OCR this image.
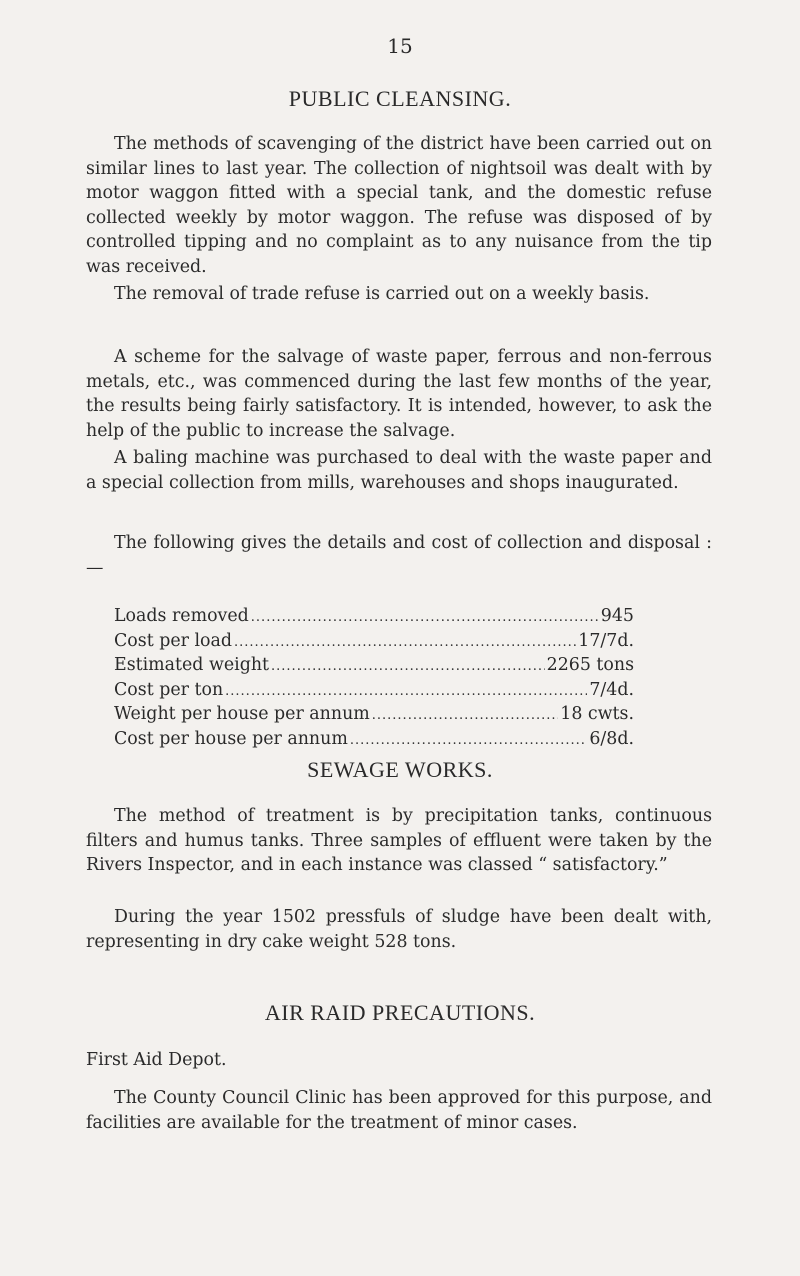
15
PUBLIC CLEANSING.

The methods of scavenging of the district have been carried out on similar lines to last year. The collection of nightsoil was dealt with by motor waggon fitted with a special tank, and the domestic refuse collected weekly by motor waggon. The refuse was disposed of by controlled tipping and no complaint as to any nuisance from the tip was received.

The removal of trade refuse is carried out on a weekly basis.

A scheme for the salvage of waste paper, ferrous and non-ferrous metals, etc., was commenced during the last few months of the year, the results being fairly satisfactory. It is intended, however, to ask the help of the public to increase the salvage.

A baling machine was purchased to deal with the waste paper and a special collection from mills, warehouses and shops inaugurated.

The following gives the details and cost of collection and disposal :—

Loads removed .....	945
Cost per load .....	17/7d.
Estimated weight .....	2265 tons
Cost per ton .....	7/4d.
Weight per house per annum .....	18 cwts.
Cost per house per annum .....	6/8d.
SEWAGE WORKS.

The method of treatment is by precipitation tanks, continuous filters and humus tanks. Three samples of effluent were taken by the Rivers Inspector, and in each instance was classed “ satisfactory.”

During the year 1502 pressfuls of sludge have been dealt with, representing in dry cake weight 528 tons.

AIR RAID PRECAUTIONS.

First Aid Depot.

The County Council Clinic has been approved for this purpose, and facilities are available for the treatment of minor cases.
